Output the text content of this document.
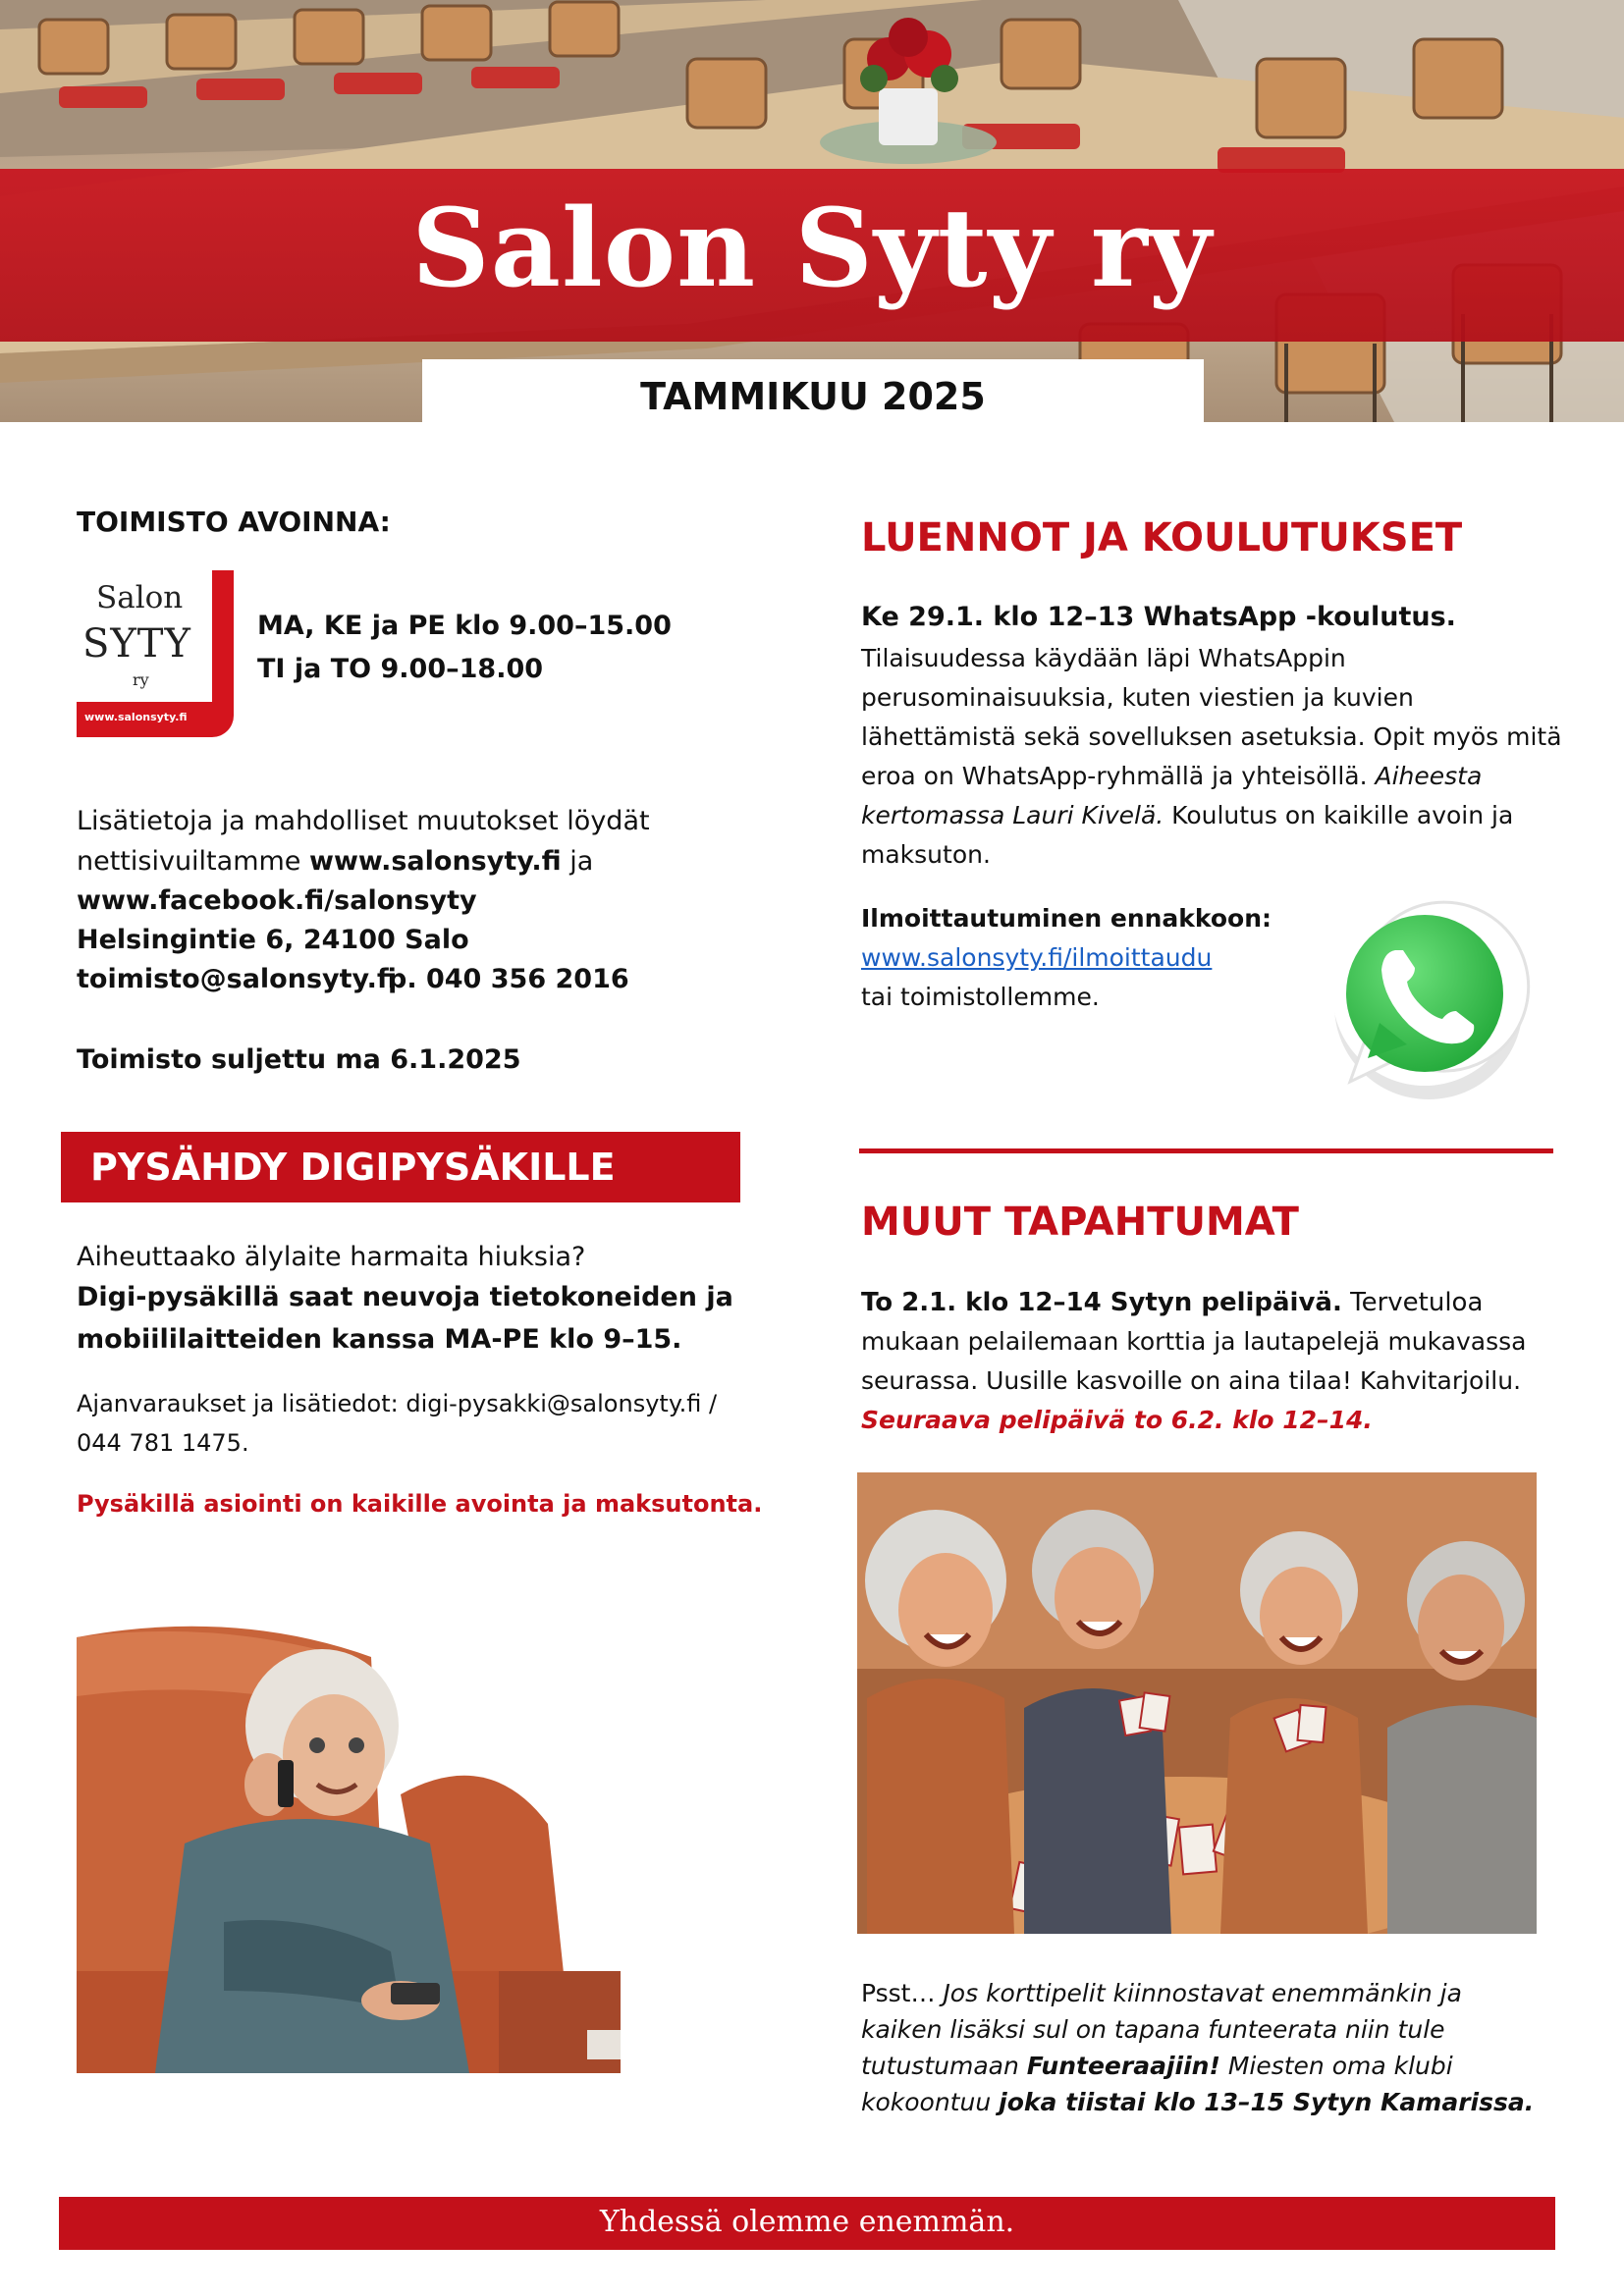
Salon Syty ry
TAMMIKUU 2025
TOIMISTO AVOINNA:
Salon
SYTY
ry
www.salonsyty.fi
MA, KE ja PE klo 9.00–15.00
TI ja TO 9.00–18.00
Lisätietoja ja mahdolliset muutokset löydät
nettisivuiltamme www.salonsyty.fi ja
www.facebook.fi/salonsyty
Helsingintie 6, 24100 Salo
toimisto@salonsyty.fi
p. 040 356 2016
Toimisto suljettu ma 6.1.2025
PYSÄHDY DIGIPYSÄKILLE
Aiheuttaako älylaite harmaita hiuksia?
Digi-pysäkillä saat neuvoja tietokoneiden ja
mobiililaitteiden kanssa MA-PE klo 9–15.
Ajanvaraukset ja lisätiedot: digi-pysakki@salonsyty.fi /
044 781 1475.
Pysäkillä asiointi on kaikille avointa ja maksutonta.
LUENNOT JA KOULUTUKSET
Ke 29.1. klo 12–13 WhatsApp -koulutus.
Tilaisuudessa käydään läpi WhatsAppin
perusominaisuuksia, kuten viestien ja kuvien
lähettämistä sekä sovelluksen asetuksia. Opit myös mitä
eroa on WhatsApp-ryhmällä ja yhteisöllä. Aiheesta
kertomassa Lauri Kivelä. Koulutus on kaikille avoin ja
maksuton.
Ilmoittautuminen ennakkoon:
www.salonsyty.fi/ilmoittaudu
tai toimistollemme.
MUUT TAPAHTUMAT
To 2.1. klo 12–14 Sytyn pelipäivä. Tervetuloa
mukaan pelailemaan korttia ja lautapelejä mukavassa
seurassa. Uusille kasvoille on aina tilaa! Kahvitarjoilu.
Seuraava pelipäivä to 6.2. klo 12–14.
Psst… Jos korttipelit kiinnostavat enemmänkin ja
kaiken lisäksi sul on tapana funteerata niin tule
tutustumaan Funteeraajiin! Miesten oma klubi
kokoontuu joka tiistai klo 13–15 Sytyn Kamarissa.
Yhdessä olemme enemmän.
